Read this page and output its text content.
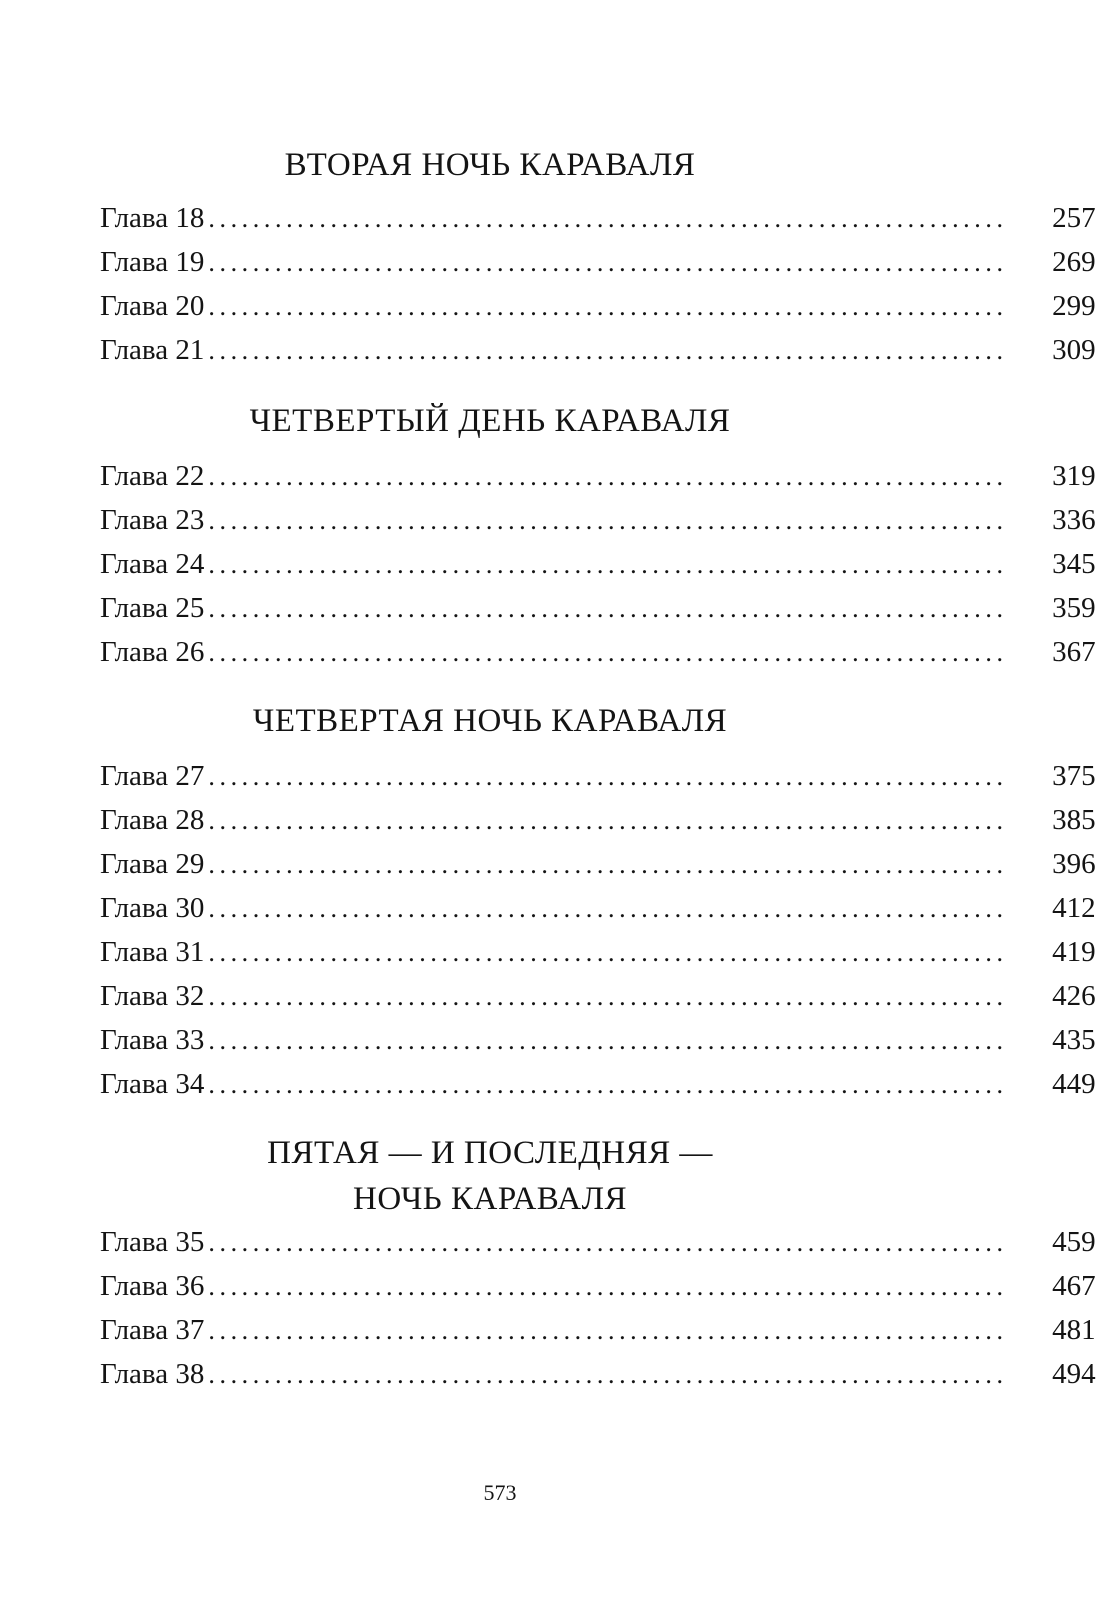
ВТОРАЯ НОЧЬ КАРАВАЛЯ
Глава 18 ........................................................................ 257
Глава 19 ........................................................................ 269
Глава 20 ........................................................................ 299
Глава 21 ........................................................................ 309
ЧЕТВЕРТЫЙ ДЕНЬ КАРАВАЛЯ
Глава 22 ........................................................................ 319
Глава 23 ........................................................................ 336
Глава 24 ........................................................................ 345
Глава 25 ........................................................................ 359
Глава 26 ........................................................................ 367
ЧЕТВЕРТАЯ НОЧЬ КАРАВАЛЯ
Глава 27 ........................................................................ 375
Глава 28 ........................................................................ 385
Глава 29 ........................................................................ 396
Глава 30 ........................................................................ 412
Глава 31 ........................................................................ 419
Глава 32 ........................................................................ 426
Глава 33 ........................................................................ 435
Глава 34 ........................................................................ 449
ПЯТАЯ — И ПОСЛЕДНЯЯ —
НОЧЬ КАРАВАЛЯ
Глава 35 ........................................................................ 459
Глава 36 ........................................................................ 467
Глава 37 ........................................................................ 481
Глава 38 ........................................................................ 494

573
